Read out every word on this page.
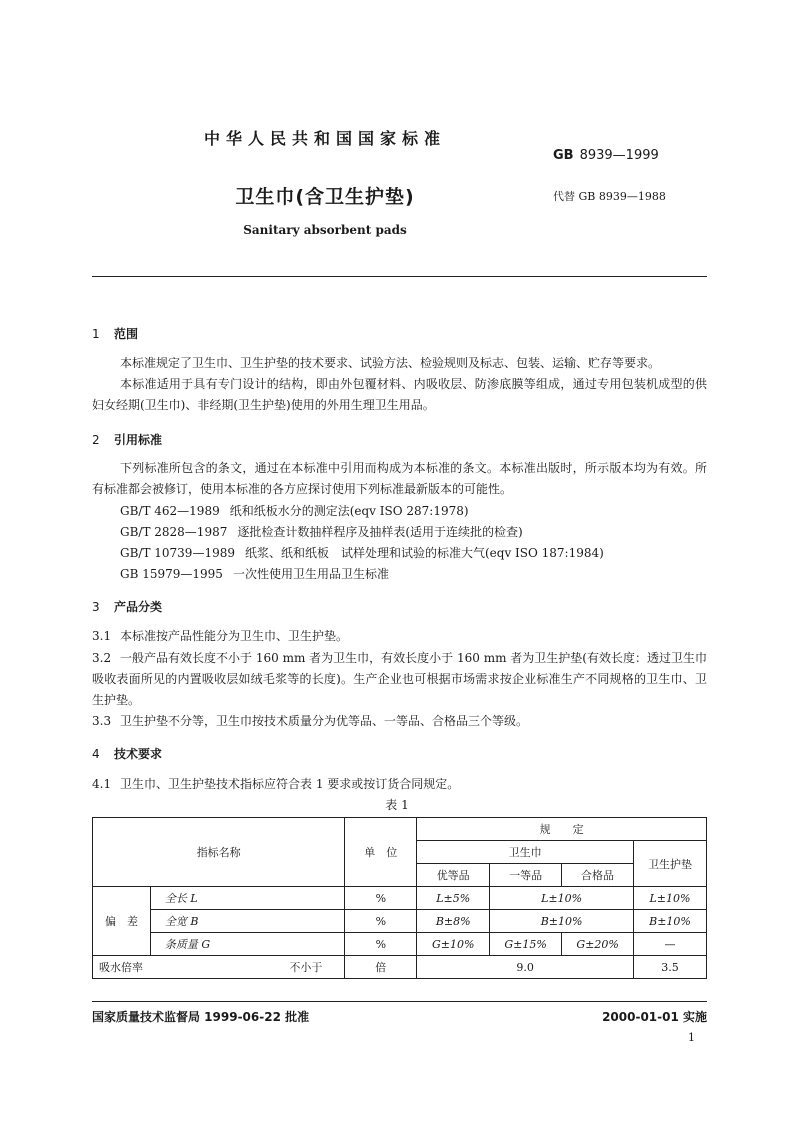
中华人民共和国国家标准
GB 8939—1999
卫生巾(含卫生护垫)	代替 GB 8939—1988
Sanitary absorbent pads
1 范围
本标准规定了卫生巾、卫生护垫的技术要求、试验方法、检验规则及标志、包装、运输、贮存等要求。
本标准适用于具有专门设计的结构，即由外包覆材料、内吸收层、防渗底膜等组成，通过专用包装机成型的供妇女经期(卫生巾)、非经期(卫生护垫)使用的外用生理卫生用品。
2 引用标准
下列标准所包含的条文，通过在本标准中引用而构成为本标准的条文。本标准出版时，所示版本均为有效。所有标准都会被修订，使用本标准的各方应探讨使用下列标准最新版本的可能性。
GB/T 462—1989 纸和纸板水分的测定法(eqv ISO 287:1978)
GB/T 2828—1987 逐批检查计数抽样程序及抽样表(适用于连续批的检查)
GB/T 10739—1989 纸浆、纸和纸板　试样处理和试验的标准大气(eqv ISO 187:1984)
GB 15979—1995 一次性使用卫生用品卫生标准
3 产品分类
3.1 本标准按产品性能分为卫生巾、卫生护垫。
3.2 一般产品有效长度不小于 160 mm 者为卫生巾，有效长度小于 160 mm 者为卫生护垫(有效长度：透过卫生巾吸收表面所见的内置吸收层如绒毛浆等的长度)。生产企业也可根据市场需求按企业标准生产不同规格的卫生巾、卫生护垫。
3.3 卫生护垫不分等，卫生巾按技术质量分为优等品、一等品、合格品三个等级。
4 技术要求
4.1 卫生巾、卫生护垫技术指标应符合表 1 要求或按订货合同规定。
表 1
指标名称		单　位	规　　定			
			卫生巾			卫生护垫
			优等品	一等品	合格品	
偏　差	全长 L	%	L±5%	L±10%		L±10%
	全宽 B	%	B±8%	B±10%		B±10%
	条质量 G	%	G±10%	G±15%	G±20%	—
吸水倍率 不小于		倍	9.0			3.5
国家质量技术监督局 1999-06-22 批准	2000-01-01 实施
1
